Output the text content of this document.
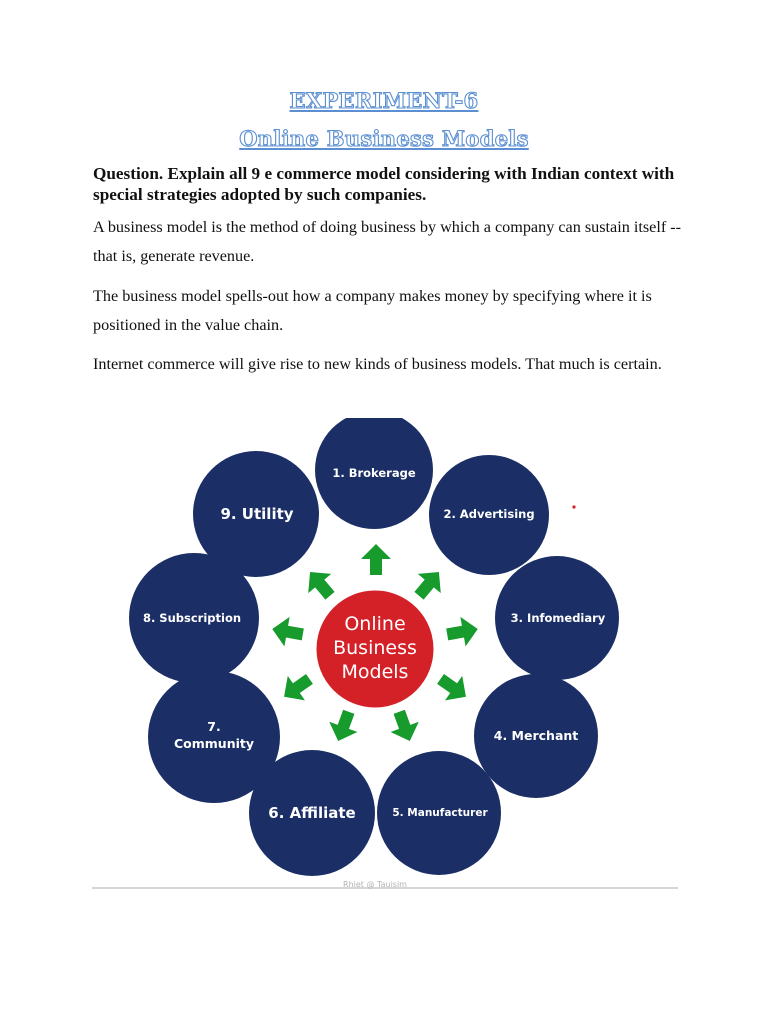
EXPERIMENT-6
Online Business Models
Question. Explain all 9 e commerce model considering with Indian context with special strategies adopted by such companies.
A business model is the method of doing business by which a company can sustain itself -- that is, generate revenue.
The business model spells-out how a company makes money by specifying where it is positioned in the value chain.
Internet commerce will give rise to new kinds of business models. That much is certain.
Online
Business
Models
1. Brokerage
2. Advertising
3. Infomediary
4. Merchant
5. Manufacturer
6. Affiliate
7.
Community
8. Subscription
9. Utility
Rhiet @ Tauisim
